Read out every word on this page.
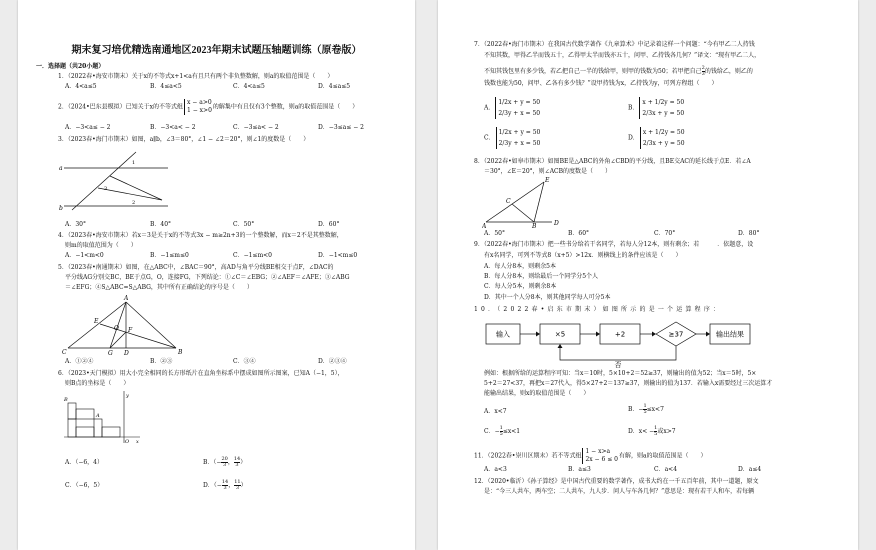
期末复习培优精选南通地区2023年期末试题压轴题训练（原卷版）
一．选择题（共20小题）
1．（2022春•海安市期末）关于x的不等式x+1<a有且只有两个非负整数解，则a的取值范围是（　　）
A．4<a≤5	B．4≤a<5	C．4<a≤5	D．4≤a≤5
2．（2024•巴东县模拟）已知关于x的不等式组x − a>0
1 − x>0的解集中有且仅有3个整数，则a的取值范围是（　　）
A．−3<a≤ − 2	B．−3<a< − 2	C．−3≤a< − 2	D．−3≤a≤ − 2
3．（2023春•海门市期末）如图，a∥b，∠3＝80°，∠1 − ∠2＝20°，则∠1的度数是（　　）
a
b
1
2
3
A．30°	B．40°	C．50°	D．60°
4．（2023春•海安市期末）若x＝3是关于x的不等式3x − m≥2n+3的一个整数解，而x＝2不是其整数解，
则m的取值范围为（　　）
A．−1<m<0	B．−1≤m≤0	C．−1≤m<0	D．−1<m≤0
5．（2023春•南通期末）如图，在△ABC中，∠BAC＝90°，高AD与角平分线BE相交于点F，∠DAC的
平分线AG分别交BC，BE于点G，O，连接FG，下列结论：①∠C＝∠EBG；②∠AEF＝∠AFE；③∠ABG
＝∠EFG；④S△ABC=S△ABG，其中所有正确结论的序号是（　　）
C	B
A
D
G
E
F
O
A．①②④	B．②③	C．③④	D．②③④
6．（2023•天门模拟）用大小完全相同的长方形纸片在直角坐标系中摆成如图所示图案，已知A（−1，5），
则B点的坐标是（　　）
y
x
O
A
B
A．（−6，4）	B．（− $\frac{20}{3}$ ， $\frac{14}{3}$ ）
C．（−6，5）	D．（− $\frac{14}{3}$ ， $\frac{11}{3}$ ）
7．（2022春•海门市期末）在我国古代数学著作《九章算术》中记录着这样一个问题：“今有甲乙二人持钱
不知其数，甲得乙半而钱五十，乙得甲太半而钱亦五十，问甲、乙持钱各几何？”译文：“现有甲乙二人，
不知其钱包里有多少钱，若乙把自己一半的钱给甲，则甲的钱数为50；若甲把自己 $\frac{2}{3}$ 的钱给乙，则乙的
钱数也能为50，问甲、乙各有多少钱？”设甲持钱为x，乙持钱为y，可列方程组（　　）
A．1/2x + y = 50
2/3y + x = 50
B．x + 1/2y = 50
2/3x + y = 50
C．1/2x + y = 50
2/3y + x = 50
D．x + 1/2y = 50
2/3x + y = 50
8．（2022春•如皋市期末）如图BE是△ABC的外角∠CBD的平分线，且BE交AC的延长线于点E．若∠A
＝30°，∠E＝20°，则∠ACB的度数是（　　）
A	B	D
C
E
A．50°	B．60°	C．70°	D．80°
9．（2022春•海门市期末）把一些书分给若干名同学，若每人分12本，则有剩余；若　　　．依题意，设
有x名同学，可列不等式8（x+5）>12x．则横线上的条件应该是（　　）
A．每人分8本，则剩余5本
B．每人分8本，则给最后一个同学分5个人
C．每人分5本，则剩余8本
D．其中一个人分8本，则其他同学每人可分5本
10．（2022春•启东市期末）如图所示的是一个运算程序：
输入	×5	+2	≥37	输出结果
否
例如：根据所给的运算程序可知：当x＝10时，5×10+2＝52≥37，则输出的值为52；当x＝5时，5×
5+2＝27<37，再把x＝27代入，得5×27+2＝137≥37，则输出的值为137．若输入x需要经过三次运算才
能输出结果，则x的取值范围是（　　）
A．x<7	B．− $\frac{1}{5} \le x<7$
C．− $\frac{1}{5} \le x<1$	D．$x< - \frac{1}{5}$ 或x>7
11．（2022春•崇川区期末）若不等式组1 − x>a
2x − 6 ≤ 0有解，则a的取值范围是（　　）
A．a<3	B．a≤3	C．a<4	D．a≤4
12．（2020•临沂）《孙子算经》是中国古代重要的数学著作，成书大约在一千五百年前，其中一道题，原文
是：“今三人共车，两车空；二人共车，九人步．问人与车各几何？”意思是：现有若干人和车，若每辆
